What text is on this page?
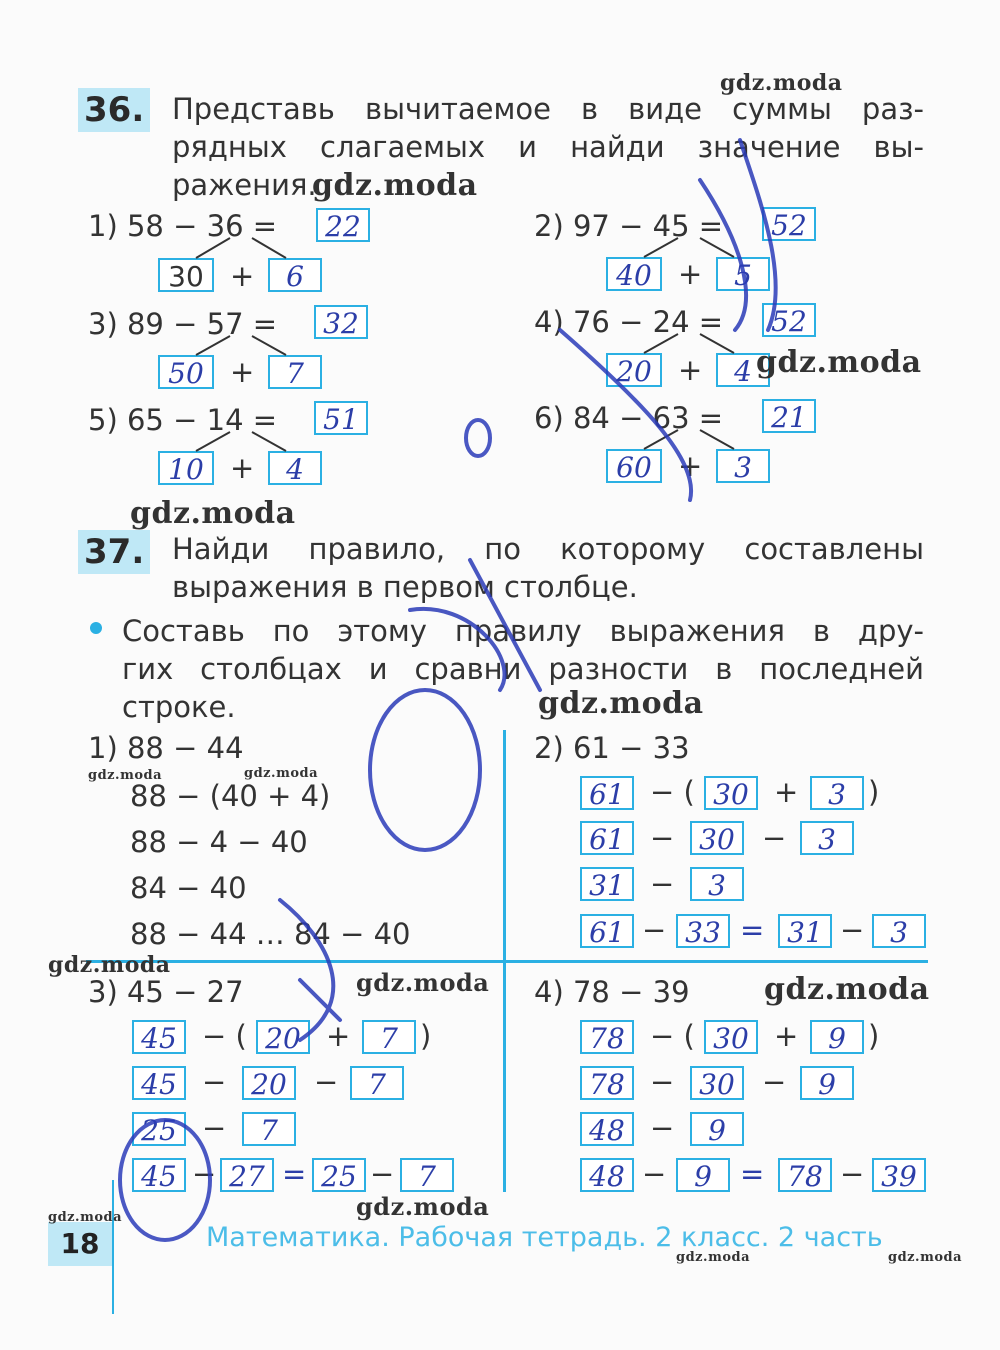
36. Представь вычитаемое в виде суммы раз-
рядных слагаемых и найди значение вы-
ражения.
1) 58 − 36 =	22
30 +	6
3) 89 − 57 =	32
50 +	7
5) 65 − 14 =	51
10 +	4
2) 97 − 45 =	52
40 +	5
4) 76 − 24 =	52
20 +	4
6) 84 − 63 =	21
60 +	3
37. Найди правило, по которому составлены
выражения в первом столбце.
Составь по этому правилу выражения в дру-
гих столбцах и сравни разности в последней
строке.
1) 88 − 44
88 − (40 + 4)
88 − 4 − 40
84 − 40
88 − 44 … 84 − 40
2) 61 − 33
61 − ( 30 +	3 )
61 − 30 −	3
31 −	3
61 − 33 = 31 − 3
3) 45 − 27
45 − ( 20 +	7 )
45 − 20 −	7
25 −	7
45 − 27 = 25 − 7
4) 78 − 39
78 − ( 30 +	9 )
78 − 30 −	9
48 −	9
48 − 9 = 78 − 39
18	Математика. Рабочая тетрадь. 2 класс. 2 часть
gdz.moda
gdz.moda
gdz.moda
gdz.moda
gdz.moda
gdz.moda
gdz.moda	gdz.moda
gdz.moda
gdz.moda	gdz.moda
gdz.moda
gdz.moda	gdz.moda
